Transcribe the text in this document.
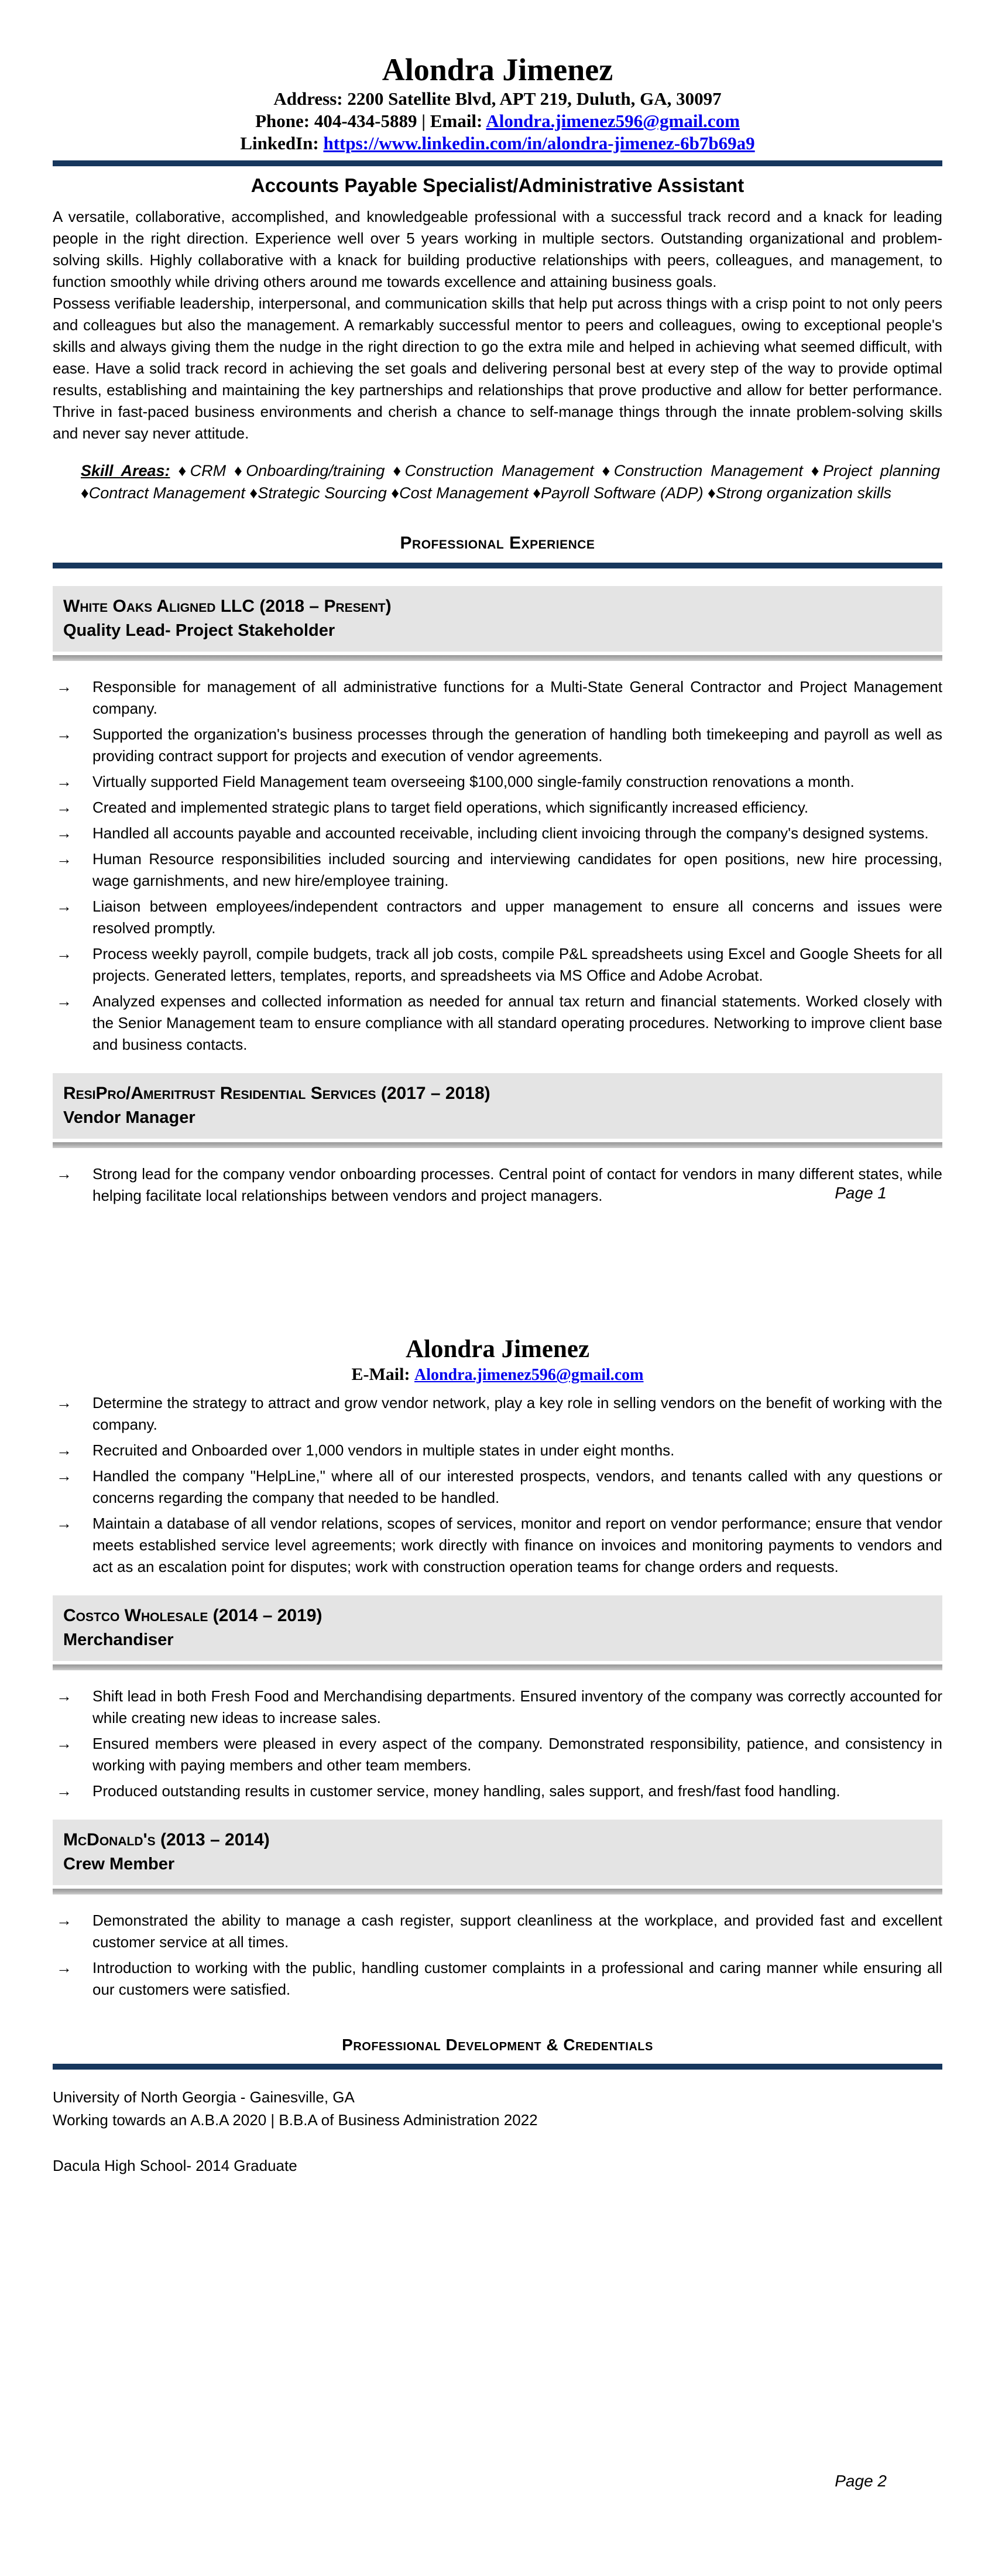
Alondra Jimenez
Address: 2200 Satellite Blvd, APT 219, Duluth, GA, 30097
Phone: 404-434-5889 | Email: Alondra.jimenez596@gmail.com
LinkedIn: https://www.linkedin.com/in/alondra-jimenez-6b7b69a9
Accounts Payable Specialist/Administrative Assistant

A versatile, collaborative, accomplished, and knowledgeable professional with a successful track record and a knack for leading people in the right direction. Experience well over 5 years working in multiple sectors. Outstanding organizational and problem-solving skills. Highly collaborative with a knack for building productive relationships with peers, colleagues, and management, to function smoothly while driving others around me towards excellence and attaining business goals.

Possess verifiable leadership, interpersonal, and communication skills that help put across things with a crisp point to not only peers and colleagues but also the management. A remarkably successful mentor to peers and colleagues, owing to exceptional people's skills and always giving them the nudge in the right direction to go the extra mile and helped in achieving what seemed difficult, with ease. Have a solid track record in achieving the set goals and delivering personal best at every step of the way to provide optimal results, establishing and maintaining the key partnerships and relationships that prove productive and allow for better performance. Thrive in fast-paced business environments and cherish a chance to self-manage things through the innate problem-solving skills and never say never attitude.

Skill Areas: ♦CRM ♦Onboarding/training ♦Construction Management ♦Construction Management ♦Project planning ♦Contract Management ♦Strategic Sourcing ♦Cost Management ♦Payroll Software (ADP) ♦Strong organization skills

Professional Experience
White Oaks Aligned LLC (2018 – Present)
Quality Lead- Project Stakeholder
→	Responsible for management of all administrative functions for a Multi-State General Contractor and Project Management company.
→	Supported the organization's business processes through the generation of handling both timekeeping and payroll as well as providing contract support for projects and execution of vendor agreements.
→	Virtually supported Field Management team overseeing $100,000 single-family construction renovations a month.
→	Created and implemented strategic plans to target field operations, which significantly increased efficiency.
→	Handled all accounts payable and accounted receivable, including client invoicing through the company's designed systems.
→	Human Resource responsibilities included sourcing and interviewing candidates for open positions, new hire processing, wage garnishments, and new hire/employee training.
→	Liaison between employees/independent contractors and upper management to ensure all concerns and issues were resolved promptly.
→	Process weekly payroll, compile budgets, track all job costs, compile P&L spreadsheets using Excel and Google Sheets for all projects. Generated letters, templates, reports, and spreadsheets via MS Office and Adobe Acrobat.
→	Analyzed expenses and collected information as needed for annual tax return and financial statements. Worked closely with the Senior Management team to ensure compliance with all standard operating procedures. Networking to improve client base and business contacts.
ResiPro/Ameritrust Residential Services (2017 – 2018)
Vendor Manager
→	Strong lead for the company vendor onboarding processes. Central point of contact for vendors in many different states, while helping facilitate local relationships between vendors and project managers.	Page 1
Alondra Jimenez
E-Mail: Alondra.jimenez596@gmail.com
→	Determine the strategy to attract and grow vendor network, play a key role in selling vendors on the benefit of working with the company.
→	Recruited and Onboarded over 1,000 vendors in multiple states in under eight months.
→	Handled the company "HelpLine," where all of our interested prospects, vendors, and tenants called with any questions or concerns regarding the company that needed to be handled.
→	Maintain a database of all vendor relations, scopes of services, monitor and report on vendor performance; ensure that vendor meets established service level agreements; work directly with finance on invoices and monitoring payments to vendors and act as an escalation point for disputes; work with construction operation teams for change orders and requests.
Costco Wholesale (2014 – 2019)
Merchandiser
→	Shift lead in both Fresh Food and Merchandising departments. Ensured inventory of the company was correctly accounted for while creating new ideas to increase sales.
→	Ensured members were pleased in every aspect of the company. Demonstrated responsibility, patience, and consistency in working with paying members and other team members.
→	Produced outstanding results in customer service, money handling, sales support, and fresh/fast food handling.
McDonald's (2013 – 2014)
Crew Member
→	Demonstrated the ability to manage a cash register, support cleanliness at the workplace, and provided fast and excellent customer service at all times.
→	Introduction to working with the public, handling customer complaints in a professional and caring manner while ensuring all our customers were satisfied.
Professional Development & Credentials
University of North Georgia - Gainesville, GA
Working towards an A.B.A 2020 | B.B.A of Business Administration 2022
Dacula High School- 2014 Graduate
Page 2
